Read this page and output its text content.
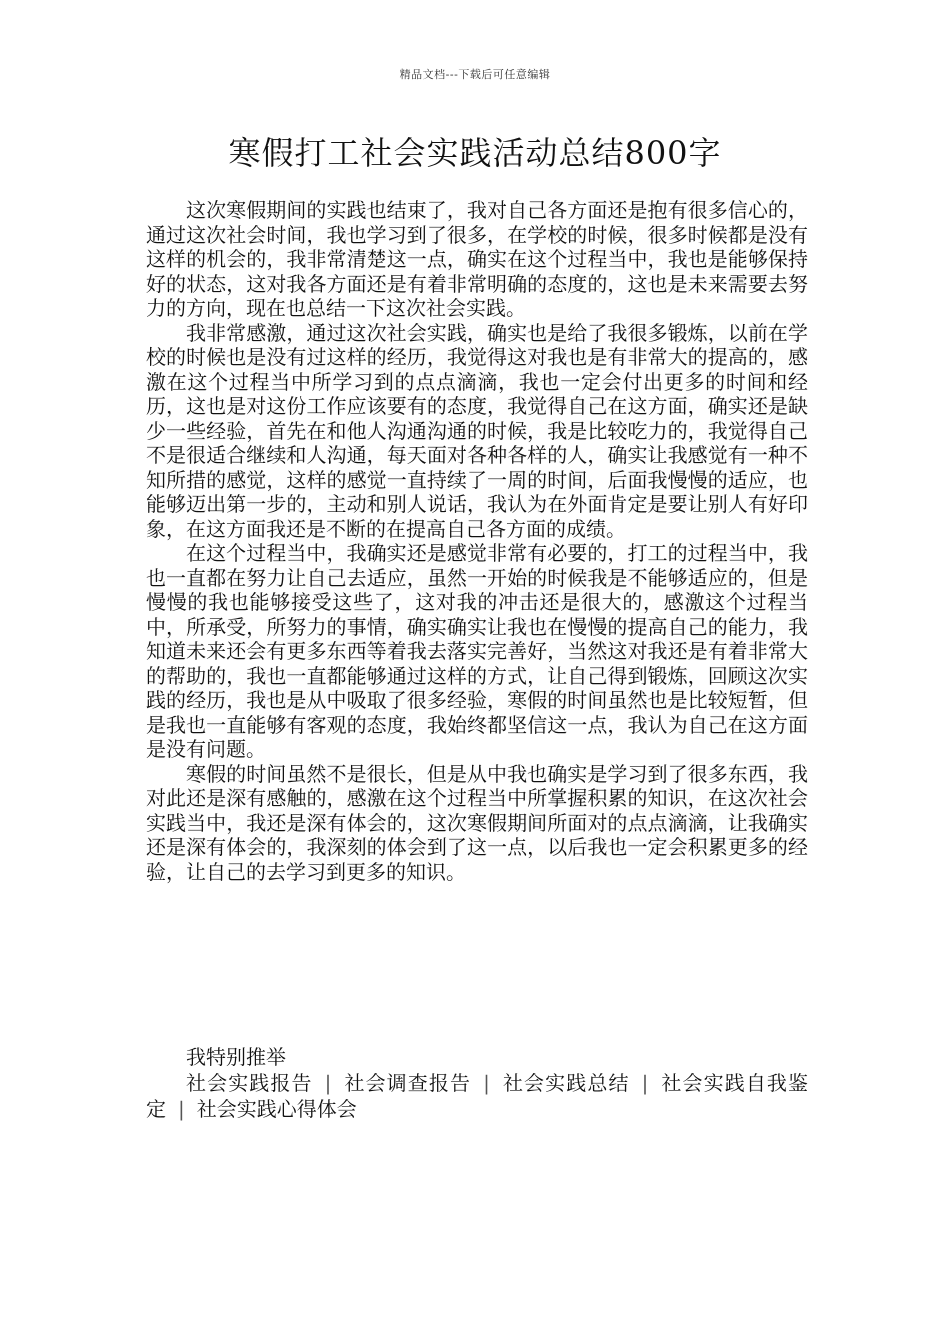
精品文档---下载后可任意编辑
寒假打工社会实践活动总结800字

这次寒假期间的实践也结束了，我对自己各方面还是抱有很多信心的，通过这次社会时间，我也学习到了很多，在学校的时候，很多时候都是没有这样的机会的，我非常清楚这一点，确实在这个过程当中，我也是能够保持好的状态，这对我各方面还是有着非常明确的态度的，这也是未来需要去努力的方向，现在也总结一下这次社会实践。

我非常感激，通过这次社会实践，确实也是给了我很多锻炼，以前在学校的时候也是没有过这样的经历，我觉得这对我也是有非常大的提高的，感激在这个过程当中所学习到的点点滴滴，我也一定会付出更多的时间和经历，这也是对这份工作应该要有的态度，我觉得自己在这方面，确实还是缺少一些经验，首先在和他人沟通沟通的时候，我是比较吃力的，我觉得自己不是很适合继续和人沟通，每天面对各种各样的人，确实让我感觉有一种不知所措的感觉，这样的感觉一直持续了一周的时间，后面我慢慢的适应，也能够迈出第一步的，主动和别人说话，我认为在外面肯定是要让别人有好印象，在这方面我还是不断的在提高自己各方面的成绩。

在这个过程当中，我确实还是感觉非常有必要的，打工的过程当中，我也一直都在努力让自己去适应，虽然一开始的时候我是不能够适应的，但是慢慢的我也能够接受这些了，这对我的冲击还是很大的，感激这个过程当中，所承受，所努力的事情，确实确实让我也在慢慢的提高自己的能力，我知道未来还会有更多东西等着我去落实完善好，当然这对我还是有着非常大的帮助的，我也一直都能够通过这样的方式，让自己得到锻炼，回顾这次实践的经历，我也是从中吸取了很多经验，寒假的时间虽然也是比较短暂，但是我也一直能够有客观的态度，我始终都坚信这一点，我认为自己在这方面是没有问题。

寒假的时间虽然不是很长，但是从中我也确实是学习到了很多东西，我对此还是深有感触的，感激在这个过程当中所掌握积累的知识，在这次社会实践当中，我还是深有体会的，这次寒假期间所面对的点点滴滴，让我确实还是深有体会的，我深刻的体会到了这一点，以后我也一定会积累更多的经验，让自己的去学习到更多的知识。

我特别推举

社会实践报告 | 社会调查报告 | 社会实践总结 | 社会实践自我鉴定 | 社会实践心得体会
